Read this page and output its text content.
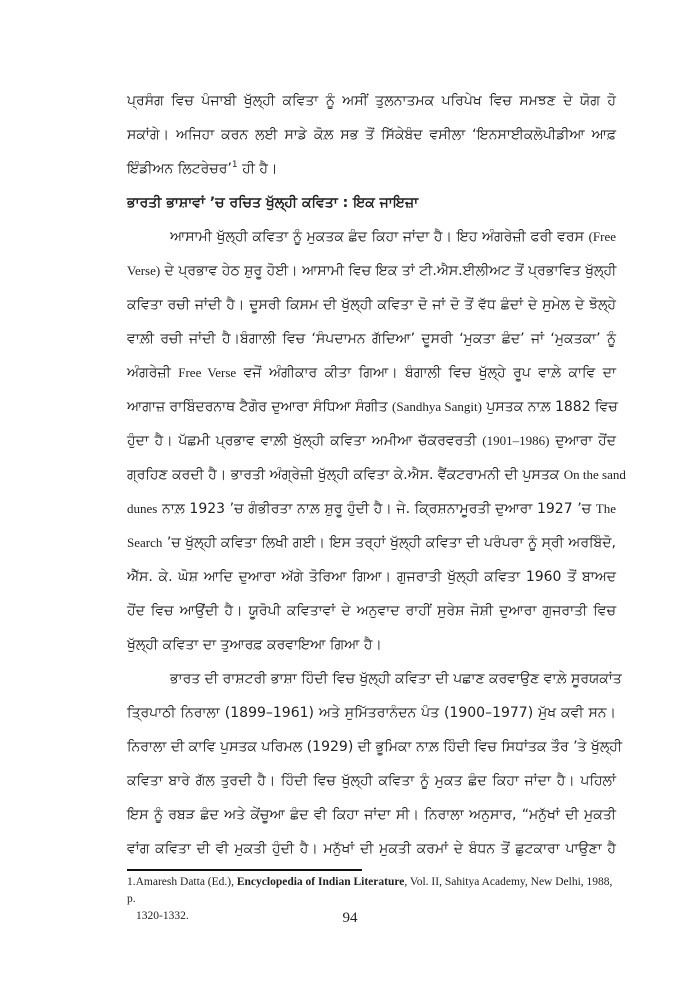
ਪ੍ਰਸੰਗ ਵਿਚ ਪੰਜਾਬੀ ਖੁੱਲ੍ਹੀ ਕਵਿਤਾ ਨੂੰ ਅਸੀਂ ਤੁਲਨਾਤਮਕ ਪਰਿਪੇਖ ਵਿਚ ਸਮਝਣ ਦੇ ਯੋਗ ਹੋ
ਸਕਾਂਗੇ। ਅਜਿਹਾ ਕਰਨ ਲਈ ਸਾਡੇ ਕੋਲ਼ ਸਭ ਤੋਂ ਸਿੱਕੇਬੰਦ ਵਸੀਲਾ ‘ਇਨਸਾਈਕਲੋਪੀਡੀਆ ਆਫ਼
ਇੰਡੀਅਨ ਲਿਟਰੇਚਰ’$^1$ ਹੀ ਹੈ।
ਭਾਰਤੀ ਭਾਸ਼ਾਵਾਂ ’ਚ ਰਚਿਤ ਖੁੱਲ੍ਹੀ ਕਵਿਤਾ : ਇਕ ਜਾਇਜ਼ਾ
ਆਸਾਮੀ ਖੁੱਲ੍ਹੀ ਕਵਿਤਾ ਨੂੰ ਮੁਕਤਕ ਛੰਦ ਕਿਹਾ ਜਾਂਦਾ ਹੈ। ਇਹ ਅੰਗਰੇਜ਼ੀ ਫਰੀ ਵਰਸ (Free
Verse) ਦੇ ਪ੍ਰਭਾਵ ਹੇਠ ਸ਼ੁਰੂ ਹੋਈ। ਆਸਾਮੀ ਵਿਚ ਇਕ ਤਾਂ ਟੀ.ਐਸ.ਈਲੀਅਟ ਤੋਂ ਪ੍ਰਭਾਵਿਤ ਖੁੱਲ੍ਹੀ
ਕਵਿਤਾ ਰਚੀ ਜਾਂਦੀ ਹੈ। ਦੂਸਰੀ ਕਿਸਮ ਦੀ ਖੁੱਲ੍ਹੀ ਕਵਿਤਾ ਦੋ ਜਾਂ ਦੋ ਤੋਂ ਵੱਧ ਛੰਦਾਂ ਦੇ ਸੁਮੇਲ ਦੇ ਝੋਲ੍ਹੇ
ਵਾਲ਼ੀ ਰਚੀ ਜਾਂਦੀ ਹੈ।ਬੰਗਾਲੀ ਵਿਚ ‘ਸੰਪਦਾਮਨ ਗੱਦਿਆ’ ਦੂਸਰੀ ‘ਮੁਕਤਾ ਛੰਦ’ ਜਾਂ ‘ਮੁਕਤਕਾ’ ਨੂੰ
ਅੰਗਰੇਜ਼ੀ Free Verse ਵਜੋਂ ਅੰਗੀਕਾਰ ਕੀਤਾ ਗਿਆ। ਬੰਗਾਲੀ ਵਿਚ ਖੁੱਲ੍ਹੇ ਰੂਪ ਵਾਲ਼ੇ ਕਾਵਿ ਦਾ
ਆਗਾਜ਼ ਰਾਬਿੰਦਰਨਾਥ ਟੈਗੋਰ ਦੁਆਰਾ ਸੰਧਿਆ ਸੰਗੀਤ (Sandhya Sangit) ਪੁਸਤਕ ਨਾਲ਼ 1882 ਵਿਚ
ਹੁੰਦਾ ਹੈ। ਪੱਛਮੀ ਪ੍ਰਭਾਵ ਵਾਲ਼ੀ ਖੁੱਲ੍ਹੀ ਕਵਿਤਾ ਅਮੀਆ ਚੱਕਰਵਰਤੀ (1901–1986) ਦੁਆਰਾ ਹੋਂਦ
ਗ੍ਰਹਿਣ ਕਰਦੀ ਹੈ। ਭਾਰਤੀ ਅੰਗ੍ਰੇਜ਼ੀ ਖੁੱਲ੍ਹੀ ਕਵਿਤਾ ਕੇ.ਐਸ. ਵੈਂਕਟਰਾਮਨੀ ਦੀ ਪੁਸਤਕ On the sand
dunes ਨਾਲ਼ 1923 ’ਚ ਗੰਭੀਰਤਾ ਨਾਲ਼ ਸ਼ੁਰੂ ਹੁੰਦੀ ਹੈ। ਜੇ. ਕ੍ਰਿਸ਼ਨਾਮੂਰਤੀ ਦੁਆਰਾ 1927 ’ਚ The
Search ’ਚ ਖੁੱਲ੍ਹੀ ਕਵਿਤਾ ਲਿਖੀ ਗਈ। ਇਸ ਤਰ੍ਹਾਂ ਖੁੱਲ੍ਹੀ ਕਵਿਤਾ ਦੀ ਪਰੰਪਰਾ ਨੂੰ ਸ੍ਰੀ ਅਰਬਿੰਦੋ,
ਐੱਸ. ਕੇ. ਘੋਸ਼ ਆਦਿ ਦੁਆਰਾ ਅੱਗੇ ਤੋਰਿਆ ਗਿਆ। ਗੁਜਰਾਤੀ ਖੁੱਲ੍ਹੀ ਕਵਿਤਾ 1960 ਤੋਂ ਬਾਅਦ
ਹੋਂਦ ਵਿਚ ਆਉਂਦੀ ਹੈ। ਯੂਰੋਪੀ ਕਵਿਤਾਵਾਂ ਦੇ ਅਨੁਵਾਦ ਰਾਹੀਂ ਸੁਰੇਸ਼ ਜੋਸ਼ੀ ਦੁਆਰਾ ਗੁਜਰਾਤੀ ਵਿਚ
ਖੁੱਲ੍ਹੀ ਕਵਿਤਾ ਦਾ ਤੁਆਰਫ਼ ਕਰਵਾਇਆ ਗਿਆ ਹੈ।
ਭਾਰਤ ਦੀ ਰਾਸ਼ਟਰੀ ਭਾਸ਼ਾ ਹਿੰਦੀ ਵਿਚ ਖੁੱਲ੍ਹੀ ਕਵਿਤਾ ਦੀ ਪਛਾਣ ਕਰਵਾਉਣ ਵਾਲ਼ੇ ਸੂਰਯਕਾਂਤ
ਤ੍ਰਿਪਾਠੀ ਨਿਰਾਲਾ (1899–1961) ਅਤੇ ਸੁਮਿੱਤਰਾਨੰਦਨ ਪੰਤ (1900–1977) ਮੁੱਖ ਕਵੀ ਸਨ।
ਨਿਰਾਲਾ ਦੀ ਕਾਵਿ ਪੁਸਤਕ ਪਰਿਮਲ (1929) ਦੀ ਭੂਮਿਕਾ ਨਾਲ਼ ਹਿੰਦੀ ਵਿਚ ਸਿਧਾਂਤਕ ਤੌਰ ’ਤੇ ਖੁੱਲ੍ਹੀ
ਕਵਿਤਾ ਬਾਰੇ ਗੱਲ ਤੁਰਦੀ ਹੈ। ਹਿੰਦੀ ਵਿਚ ਖੁੱਲ੍ਹੀ ਕਵਿਤਾ ਨੂੰ ਮੁਕਤ ਛੰਦ ਕਿਹਾ ਜਾਂਦਾ ਹੈ। ਪਹਿਲਾਂ
ਇਸ ਨੂੰ ਰਬੜ ਛੰਦ ਅਤੇ ਕੇਂਚੂਆ ਛੰਦ ਵੀ ਕਿਹਾ ਜਾਂਦਾ ਸੀ। ਨਿਰਾਲਾ ਅਨੁਸਾਰ, “ਮਨੁੱਖਾਂ ਦੀ ਮੁਕਤੀ
ਵਾਂਗ ਕਵਿਤਾ ਦੀ ਵੀ ਮੁਕਤੀ ਹੁੰਦੀ ਹੈ। ਮਨੁੱਖਾਂ ਦੀ ਮੁਕਤੀ ਕਰਮਾਂ ਦੇ ਬੰਧਨ ਤੋਂ ਛੁਟਕਾਰਾ ਪਾਉਣਾ ਹੈ
1.Amaresh Datta (Ed.), Encyclopedia of Indian Literature, Vol. II, Sahitya Academy, New Delhi, 1988, p.
1320-1332.	94
